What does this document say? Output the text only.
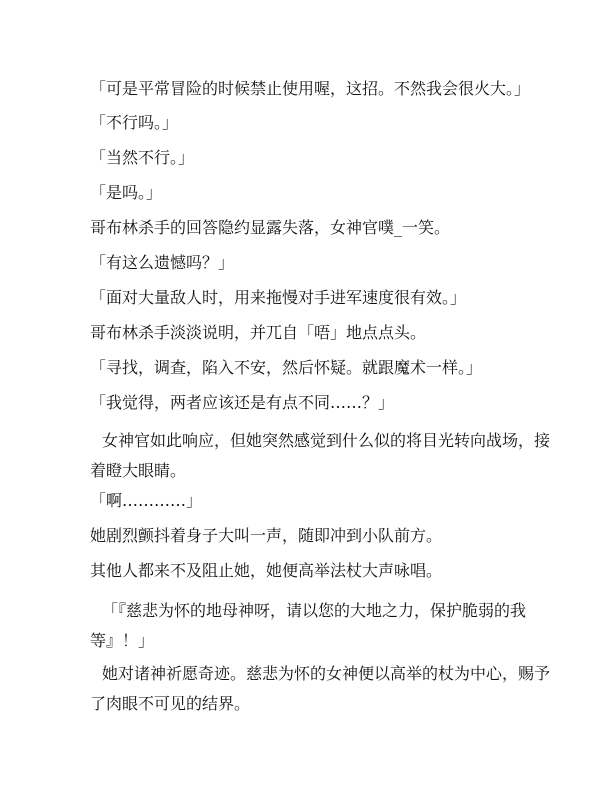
「可是平常冒险的时候禁止使用喔，这招。不然我会很火大。」
「不行吗。」
「当然不行。」
「是吗。」
哥布林杀手的回答隐约显露失落，女神官噗_一笑。
「有这么遗憾吗？」
「面对大量敌人时，用来拖慢对手进军速度很有效。」
哥布林杀手淡淡说明，并兀自「唔」地点点头。
「寻找，调查，陷入不安，然后怀疑。就跟魔术一样。」
「我觉得，两者应该还是有点不同……？」
女神官如此响应，但她突然感觉到什么似的将目光转向战场，接着瞪大眼睛。
「啊…………」
她剧烈颤抖着身子大叫一声，随即冲到小队前方。
其他人都来不及阻止她，她便高举法杖大声咏唱。
「『慈悲为怀的地母神呀，请以您的大地之力，保护脆弱的我等』！」
她对诸神祈愿奇迹。慈悲为怀的女神便以高举的杖为中心，赐予了肉眼不可见的结界。
